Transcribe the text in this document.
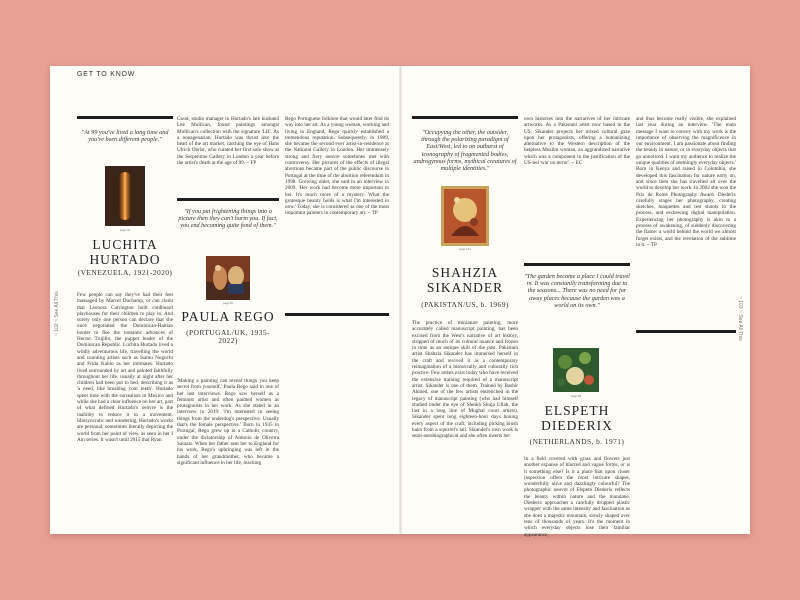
GET TO KNOW
~ 102 ~ See All This	~ 103 ~ See All This
"At 99 you've lived a long time and you've been different people."
page 78
LUCHITA HURTADO
(VENEZUELA, 1921-2020)
Few people can say they've had their feet massaged by Marcel Duchamp, or can claim that Leonora Carrington built cardboard playhouses for their children to play in. And surely only one person can declare that she once negotiated the Dominican-Haitian border to flee the romantic advances of Hector Trujillo, the puppet leader of the Dominican Republic. Luchita Hurtado lived a wildly adventurous life, travelling the world and counting artists such as Isamu Noguchi and Frida Kahlo as her intimates. Hurtado lived surrounded by art and painted faithfully throughout her life, usually at night after her children had been put to bed, describing it as 'a need, like brushing your teeth'. Hurtado spent time with the surrealists in Mexico and while she had a clear influence on her art, part of what defined Hurtado's oeuvre is the inability to reduce it to a movement. Idiosyncratic and wandering, Hurtado's works are personal, sometimes literally depicting the world from her point of view, as seen in her I Am series. It wasn't until 2015 that Ryan
Good, studio manager to Hurtado's late husband Lee Mullican, found paintings amongst Mullican's collection with the signature 'LH'. As a nonagenarian, Hurtado was thrust into the heart of the art market, catching the eye of Hans Ulrich Obrist, who curated her first solo show at the Serpentine Gallery in London a year before the artist's death at the age of 99. ~ FP
"If you put frightening things into a picture then they can't harm you. If fact, you end becoming quite fond of them."
page 96
PAULA REGO
(PORTUGAL/UK, 1935-2022)
'Making a painting can reveal things you keep secret from yourself,' Paula Rego said in one of her last interviews. Rego saw herself as a feminist artist and often painted women as protagonists in her work. As she stated in an interview in 2019: 'I'm interested in seeing things from the underdog's perspective. Usually that's the female perspective.' Born in 1935 in Portugal, Rego grew up in a Catholic country, under the dictatorship of Antonio de Oliveira Salazar. When her father sent her to England for his work, Rego's upbringing was left in the hands of her grandmother, who became a significant influence in her life, teaching
Rego Portuguese folklore that would later find its way into her art. As a young woman, working and living in England, Rego quickly established a tremendous reputation. Subsequently, in 1989, she became the second ever artist-in-residence at the National Gallery in London. Her immensely strong and fiery oeuvre sometimes met with controversy. Her pictures of the effects of illegal abortions became part of the public discourse in Portugal at the time of the abortion referendum in 1998. Growing older, she said in an interview in 2009, 'Her work had become more important to her. It's much more of a mystery. What the grotesque beauty holds is what I'm interested in now.' Today, she is considered as one of the most important painters in contemporary art. ~ TP
"Occupying the other, the outsider, through the polarizing paradigm of East/West, led to an outburst of iconography of fragmented bodies, androgynous forms, mythical creatures of multiple identities."
page 101
SHAHZIA SIKANDER
(PAKISTAN/US, b. 1969)
The practice of miniature painting, more accurately called manuscript painting, has been excised from the West's narrative of art history, stripped of much of its cultural nuance and frozen in time as an antique skill of the past. Pakistani artist Shahzia Sikander has immersed herself in the craft and revived it as a contemporary reimagination of a historically and culturally rich practice. Few artists exist today who have received the extensive training required of a manuscript artist. Sikander is one of them. Trained by Bashir Ahmed, one of the few artists entrenched in the legacy of manuscript painting (who had himself studied under the eye of Sheikh Shuja Ullah, the last in a long line of Mughal court artists), Sikander spent long eighteen-hour days honing every aspect of the craft, including picking brush hairs from a squirrel's tail. Sikander's own work is semi-autobiographical and she often inserts her
own histories into the narratives of her intricate artworks. As a Pakistani artist now based in the US, Sikander projects her mixed cultural gaze upon her protagonists, offering a humanizing alternative to the Western description of the helpless Muslim woman, an aggrandized narrative which was a component in the justification of the US-led 'war on terror'. ~ EC
"The garden became a place I could travel in. It was constantly transforming due to the seasons... There was no need for far away places because the garden was a world on its own."
page 99
ELSPETH DIEDERIX
(NETHERLANDS, b. 1971)
In a field covered with grass and flowers just another expanse of blurred and vague forms, or is it something else? Is it a place that upon closer inspection offers the most intricate shapes, wonderfully alive and dazzlingly colourful? The photographic oeuvre of Elspeth Diederix reflects the beauty within nature and the mundane. Diederix approaches a carefully dropped plastic wrapper with the same intensity and fascination as she does a majestic mountain, slowly shaped over tens of thousands of years. It's the moment in which everyday objects lose their familiar appearance,
and thus become really visible, she explained last year during an interview. 'The main message I want to convey with my work is the importance of observing the magnificence in our environment. I am passionate about finding the beauty in nature, or in everyday objects that go unnoticed. I want my audience to realize the unique qualities of seemingly everyday objects.' Born in Kenya and raised in Colombia, she developed this fascination for nature early on, and since then she has travelled all over the world to develop her work. In 2002 she won the Prix de Rome Photography Award. Diederix carefully stages her photography, creating sketches, maquettes and test shoots in the process, and eschewing digital manipulation. Experiencing her photography is akin to a process of awakening, of suddenly discovering the flame: a world behind the world we almost forget exists, and the revelation of the sublime in it. ~ TP
